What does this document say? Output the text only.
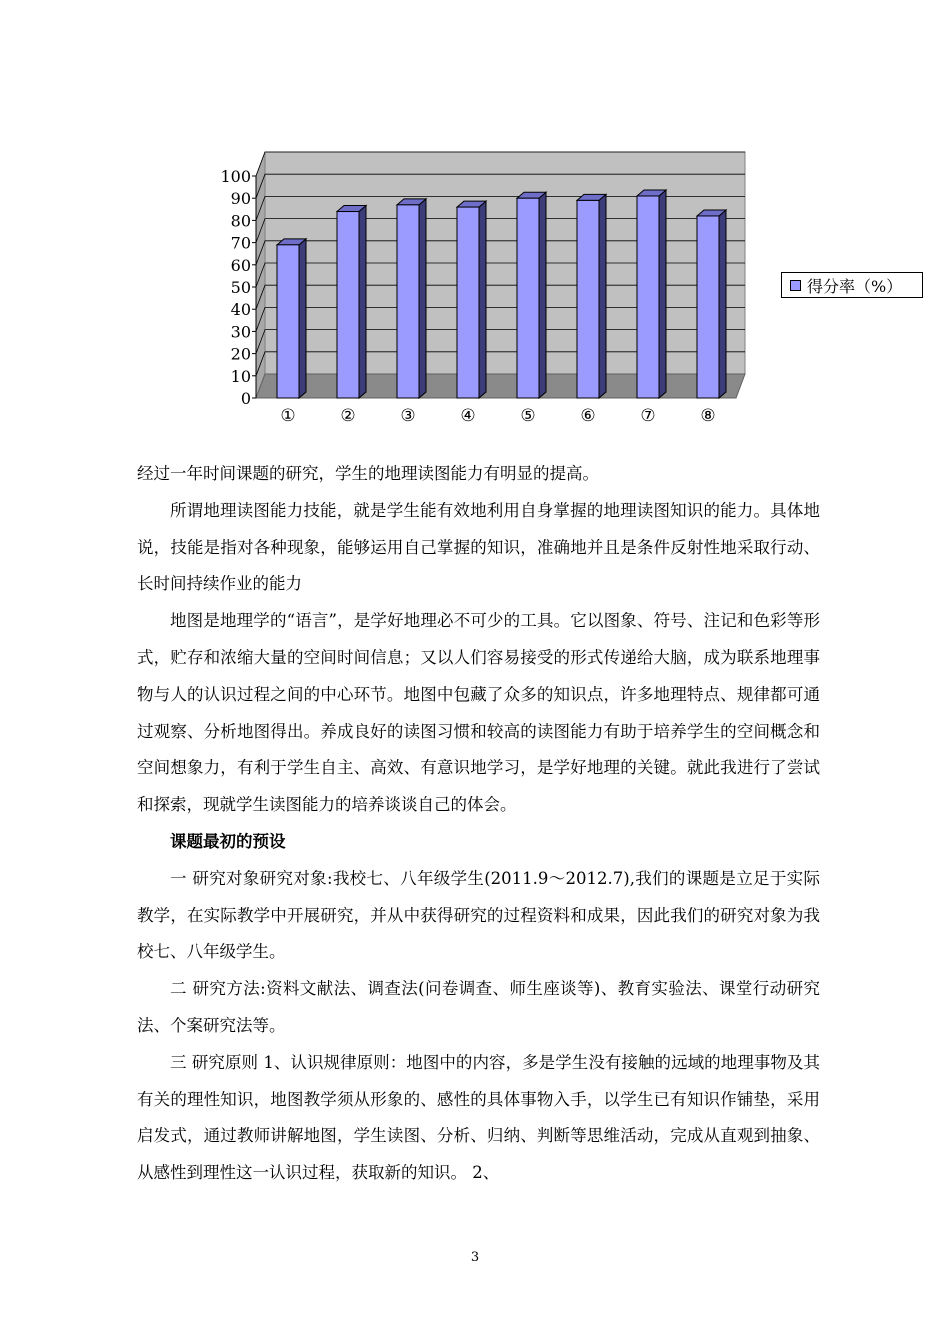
0
10
20
30
40
50
60
70
80
90
100
①	②	③	④	⑤	⑥	⑦	⑧
得分率（%）

经过一年时间课题的研究，学生的地理读图能力有明显的提高。

所谓地理读图能力技能，就是学生能有效地利用自身掌握的地理读图知识的能力。具体地说，技能是指对各种现象，能够运用自己掌握的知识，准确地并且是条件反射性地采取行动、长时间持续作业的能力

地图是地理学的“语言”，是学好地理必不可少的工具。它以图象、符号、注记和色彩等形式，贮存和浓缩大量的空间时间信息；又以人们容易接受的形式传递给大脑，成为联系地理事物与人的认识过程之间的中心环节。地图中包藏了众多的知识点，许多地理特点、规律都可通过观察、分析地图得出。养成良好的读图习惯和较高的读图能力有助于培养学生的空间概念和空间想象力，有利于学生自主、高效、有意识地学习，是学好地理的关键。就此我进行了尝试和探索，现就学生读图能力的培养谈谈自己的体会。

课题最初的预设

一 研究对象研究对象:我校七、八年级学生(2011.9～2012.7),我们的课题是立足于实际教学，在实际教学中开展研究，并从中获得研究的过程资料和成果，因此我们的研究对象为我校七、八年级学生。

二 研究方法:资料文献法、调查法(问卷调查、师生座谈等)、教育实验法、课堂行动研究法、个案研究法等。

三 研究原则 1、认识规律原则：地图中的内容，多是学生没有接触的远域的地理事物及其有关的理性知识，地图教学须从形象的、感性的具体事物入手，以学生已有知识作铺垫，采用启发式，通过教师讲解地图，学生读图、分析、归纳、判断等思维活动，完成从直观到抽象、从感性到理性这一认识过程，获取新的知识。 2、

3
